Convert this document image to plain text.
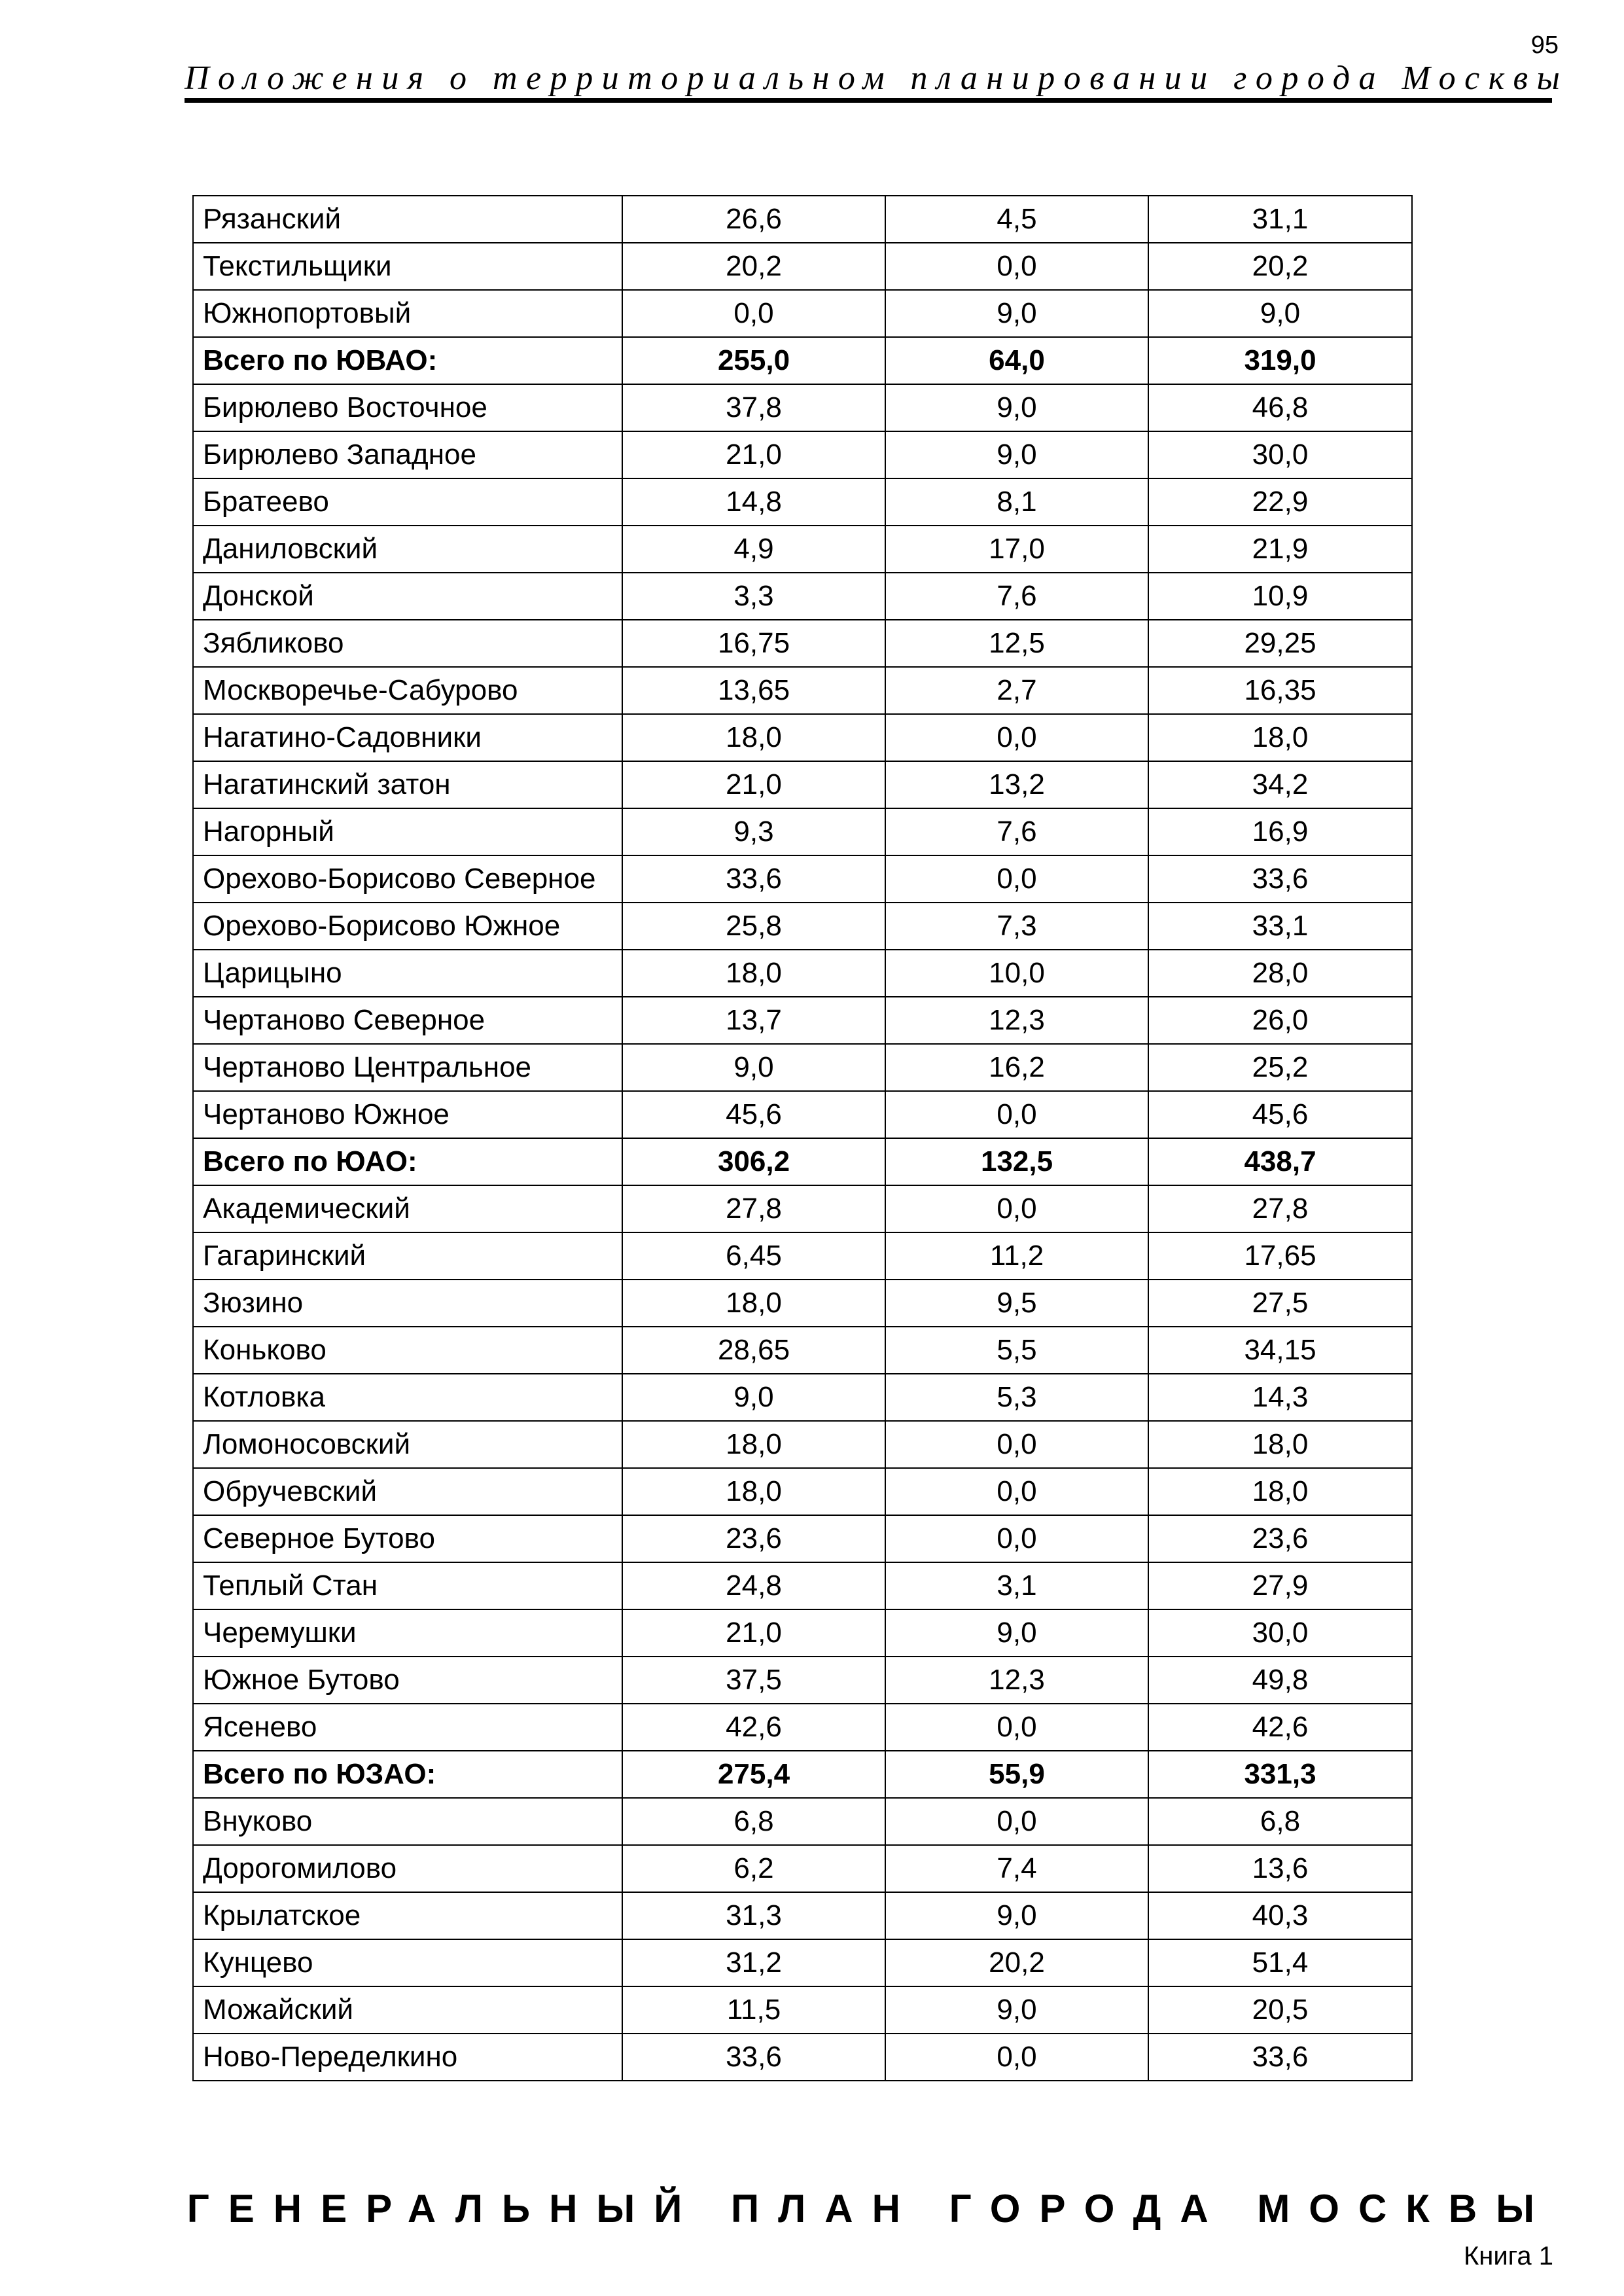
95
Положения о территориальном планировании города Москвы
Рязанский	26,6	4,5	31,1
Текстильщики	20,2	0,0	20,2
Южнопортовый	0,0	9,0	9,0
Всего по ЮВАО:	255,0	64,0	319,0
Бирюлево Восточное	37,8	9,0	46,8
Бирюлево Западное	21,0	9,0	30,0
Братеево	14,8	8,1	22,9
Даниловский	4,9	17,0	21,9
Донской	3,3	7,6	10,9
Зябликово	16,75	12,5	29,25
Москворечье-Сабурово	13,65	2,7	16,35
Нагатино-Садовники	18,0	0,0	18,0
Нагатинский затон	21,0	13,2	34,2
Нагорный	9,3	7,6	16,9
Орехово-Борисово Северное	33,6	0,0	33,6
Орехово-Борисово Южное	25,8	7,3	33,1
Царицыно	18,0	10,0	28,0
Чертаново Северное	13,7	12,3	26,0
Чертаново Центральное	9,0	16,2	25,2
Чертаново Южное	45,6	0,0	45,6
Всего по ЮАО:	306,2	132,5	438,7
Академический	27,8	0,0	27,8
Гагаринский	6,45	11,2	17,65
Зюзино	18,0	9,5	27,5
Коньково	28,65	5,5	34,15
Котловка	9,0	5,3	14,3
Ломоносовский	18,0	0,0	18,0
Обручевский	18,0	0,0	18,0
Северное Бутово	23,6	0,0	23,6
Теплый Стан	24,8	3,1	27,9
Черемушки	21,0	9,0	30,0
Южное Бутово	37,5	12,3	49,8
Ясенево	42,6	0,0	42,6
Всего по ЮЗАО:	275,4	55,9	331,3
Внуково	6,8	0,0	6,8
Дорогомилово	6,2	7,4	13,6
Крылатское	31,3	9,0	40,3
Кунцево	31,2	20,2	51,4
Можайский	11,5	9,0	20,5
Ново-Переделкино	33,6	0,0	33,6
ГЕНЕРАЛЬНЫЙ ПЛАН ГОРОДА МОСКВЫ
Книга 1
